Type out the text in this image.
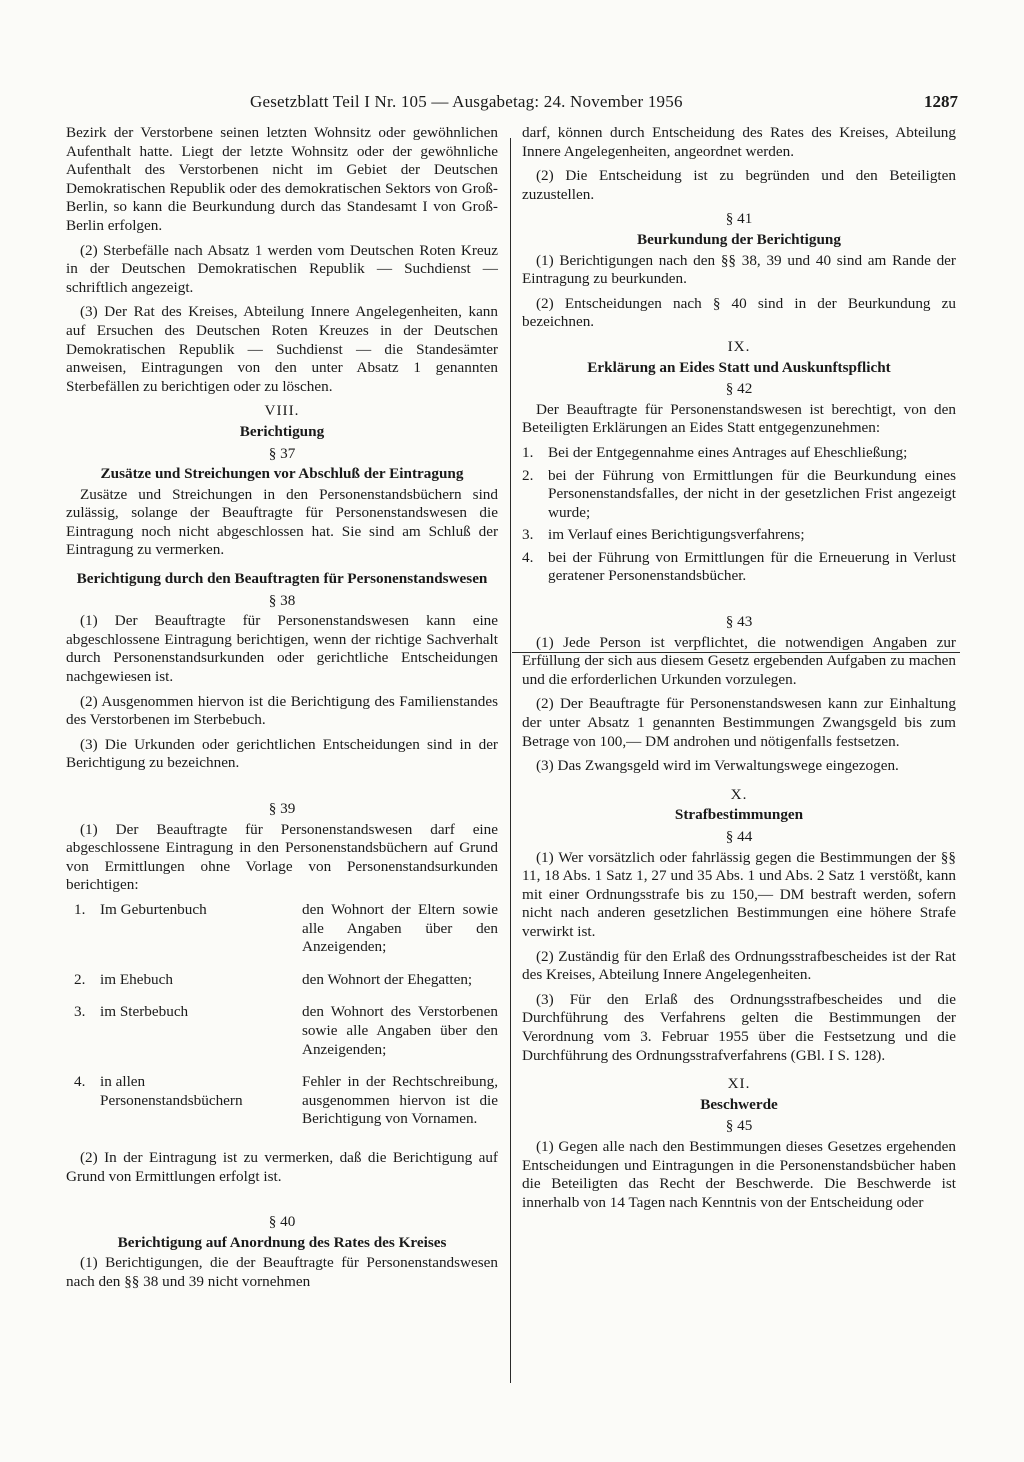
Gesetzblatt Teil I Nr. 105 — Ausgabetag: 24. November 1956	1287

Bezirk der Verstorbene seinen letzten Wohnsitz oder gewöhnlichen Aufenthalt hatte. Liegt der letzte Wohnsitz oder der gewöhnliche Aufenthalt des Verstorbenen nicht im Gebiet der Deutschen Demokratischen Republik oder des demokratischen Sektors von Groß-Berlin, so kann die Beurkundung durch das Standesamt I von Groß-Berlin erfolgen.

(2) Sterbefälle nach Absatz 1 werden vom Deutschen Roten Kreuz in der Deutschen Demokratischen Republik — Suchdienst — schriftlich angezeigt.

(3) Der Rat des Kreises, Abteilung Innere Angelegenheiten, kann auf Ersuchen des Deutschen Roten Kreuzes in der Deutschen Demokratischen Republik — Suchdienst — die Standesämter anweisen, Eintragungen von den unter Absatz 1 genannten Sterbefällen zu berichtigen oder zu löschen.

VIII.
Berichtigung
§ 37
Zusätze und Streichungen vor Abschluß der Eintragung

Zusätze und Streichungen in den Personenstandsbüchern sind zulässig, solange der Beauftragte für Personenstandswesen die Eintragung noch nicht abgeschlossen hat. Sie sind am Schluß der Eintragung zu vermerken.

Berichtigung durch den Beauftragten für Personenstandswesen
§ 38

(1) Der Beauftragte für Personenstandswesen kann eine abgeschlossene Eintragung berichtigen, wenn der richtige Sachverhalt durch Personenstandsurkunden oder gerichtliche Entscheidungen nachgewiesen ist.

(2) Ausgenommen hiervon ist die Berichtigung des Familienstandes des Verstorbenen im Sterbebuch.

(3) Die Urkunden oder gerichtlichen Entscheidungen sind in der Berichtigung zu bezeichnen.

§ 39

(1) Der Beauftragte für Personenstandswesen darf eine abgeschlossene Eintragung in den Personenstandsbüchern auf Grund von Ermittlungen ohne Vorlage von Personenstandsurkunden berichtigen:

1.	Im Geburtenbuch	den Wohnort der Eltern sowie alle Angaben über den Anzeigenden;
2.	im Ehebuch	den Wohnort der Ehegatten;
3.	im Sterbebuch	den Wohnort des Verstorbenen sowie alle Angaben über den Anzeigenden;
4.	in allen Personenstandsbüchern	Fehler in der Rechtschreibung, ausgenommen hiervon ist die Berichtigung von Vornamen.

(2) In der Eintragung ist zu vermerken, daß die Berichtigung auf Grund von Ermittlungen erfolgt ist.

§ 40
Berichtigung auf Anordnung des Rates des Kreises

(1) Berichtigungen, die der Beauftragte für Personenstandswesen nach den §§ 38 und 39 nicht vornehmen

darf, können durch Entscheidung des Rates des Kreises, Abteilung Innere Angelegenheiten, angeordnet werden.

(2) Die Entscheidung ist zu begründen und den Beteiligten zuzustellen.

§ 41
Beurkundung der Berichtigung

(1) Berichtigungen nach den §§ 38, 39 und 40 sind am Rande der Eintragung zu beurkunden.

(2) Entscheidungen nach § 40 sind in der Beurkundung zu bezeichnen.

IX.
Erklärung an Eides Statt und Auskunftspflicht
§ 42

Der Beauftragte für Personenstandswesen ist berechtigt, von den Beteiligten Erklärungen an Eides Statt entgegenzunehmen:

1. Bei der Entgegennahme eines Antrages auf Eheschließung;
2. bei der Führung von Ermittlungen für die Beurkundung eines Personenstandsfalles, der nicht in der gesetzlichen Frist angezeigt wurde;
3. im Verlauf eines Berichtigungsverfahrens;
4. bei der Führung von Ermittlungen für die Erneuerung in Verlust geratener Personenstandsbücher.
§ 43

(1) Jede Person ist verpflichtet, die notwendigen Angaben zur Erfüllung der sich aus diesem Gesetz ergebenden Aufgaben zu machen und die erforderlichen Urkunden vorzulegen.

(2) Der Beauftragte für Personenstandswesen kann zur Einhaltung der unter Absatz 1 genannten Bestimmungen Zwangsgeld bis zum Betrage von 100,— DM androhen und nötigenfalls festsetzen.

(3) Das Zwangsgeld wird im Verwaltungswege eingezogen.

X.
Strafbestimmungen
§ 44

(1) Wer vorsätzlich oder fahrlässig gegen die Bestimmungen der §§ 11, 18 Abs. 1 Satz 1, 27 und 35 Abs. 1 und Abs. 2 Satz 1 verstößt, kann mit einer Ordnungsstrafe bis zu 150,— DM bestraft werden, sofern nicht nach anderen gesetzlichen Bestimmungen eine höhere Strafe verwirkt ist.

(2) Zuständig für den Erlaß des Ordnungsstrafbescheides ist der Rat des Kreises, Abteilung Innere Angelegenheiten.

(3) Für den Erlaß des Ordnungsstrafbescheides und die Durchführung des Verfahrens gelten die Bestimmungen der Verordnung vom 3. Februar 1955 über die Festsetzung und die Durchführung des Ordnungsstrafverfahrens (GBl. I S. 128).

XI.
Beschwerde
§ 45

(1) Gegen alle nach den Bestimmungen dieses Gesetzes ergehenden Entscheidungen und Eintragungen in die Personenstandsbücher haben die Beteiligten das Recht der Beschwerde. Die Beschwerde ist innerhalb von 14 Tagen nach Kenntnis von der Entscheidung oder
